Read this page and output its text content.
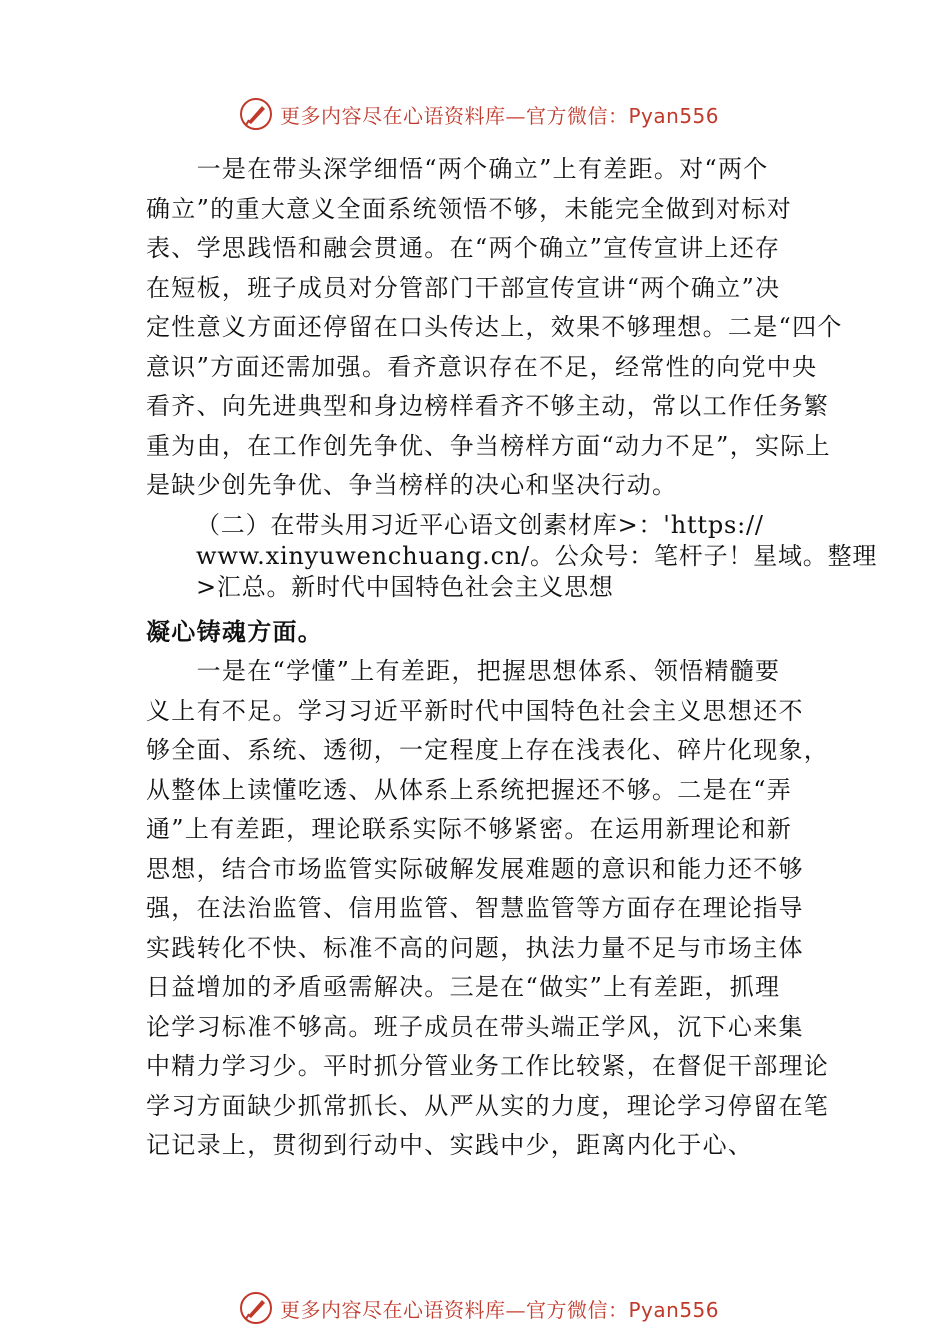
更多内容尽在心语资料库—官方微信：Pyan556
　　一是在带头深学细悟“两个确立”上有差距。对“两个
确立”的重大意义全面系统领悟不够，未能完全做到对标对
表、学思践悟和融会贯通。在“两个确立”宣传宣讲上还存
在短板，班子成员对分管部门干部宣传宣讲“两个确立”决
定性意义方面还停留在口头传达上，效果不够理想。二是“四个
意识”方面还需加强。看齐意识存在不足，经常性的向党中央
看齐、向先进典型和身边榜样看齐不够主动，常以工作任务繁
重为由，在工作创先争优、争当榜样方面“动力不足”，实际上
是缺少创先争优、争当榜样的决心和坚决行动。
（二）在带头用习近平心语文创素材库>：'https://
www.xinyuwenchuang.cn/。公众号：笔杆子！星域。整理
>汇总。新时代中国特色社会主义思想
凝心铸魂方面。
　　一是在“学懂”上有差距，把握思想体系、领悟精髓要
义上有不足。学习习近平新时代中国特色社会主义思想还不
够全面、系统、透彻，一定程度上存在浅表化、碎片化现象，
从整体上读懂吃透、从体系上系统把握还不够。二是在“弄
通”上有差距，理论联系实际不够紧密。在运用新理论和新
思想，结合市场监管实际破解发展难题的意识和能力还不够
强，在法治监管、信用监管、智慧监管等方面存在理论指导
实践转化不快、标准不高的问题，执法力量不足与市场主体
日益增加的矛盾亟需解决。三是在“做实”上有差距，抓理
论学习标准不够高。班子成员在带头端正学风，沉下心来集
中精力学习少。平时抓分管业务工作比较紧，在督促干部理论
学习方面缺少抓常抓长、从严从实的力度，理论学习停留在笔
记记录上，贯彻到行动中、实践中少，距离内化于心、
更多内容尽在心语资料库—官方微信：Pyan556
